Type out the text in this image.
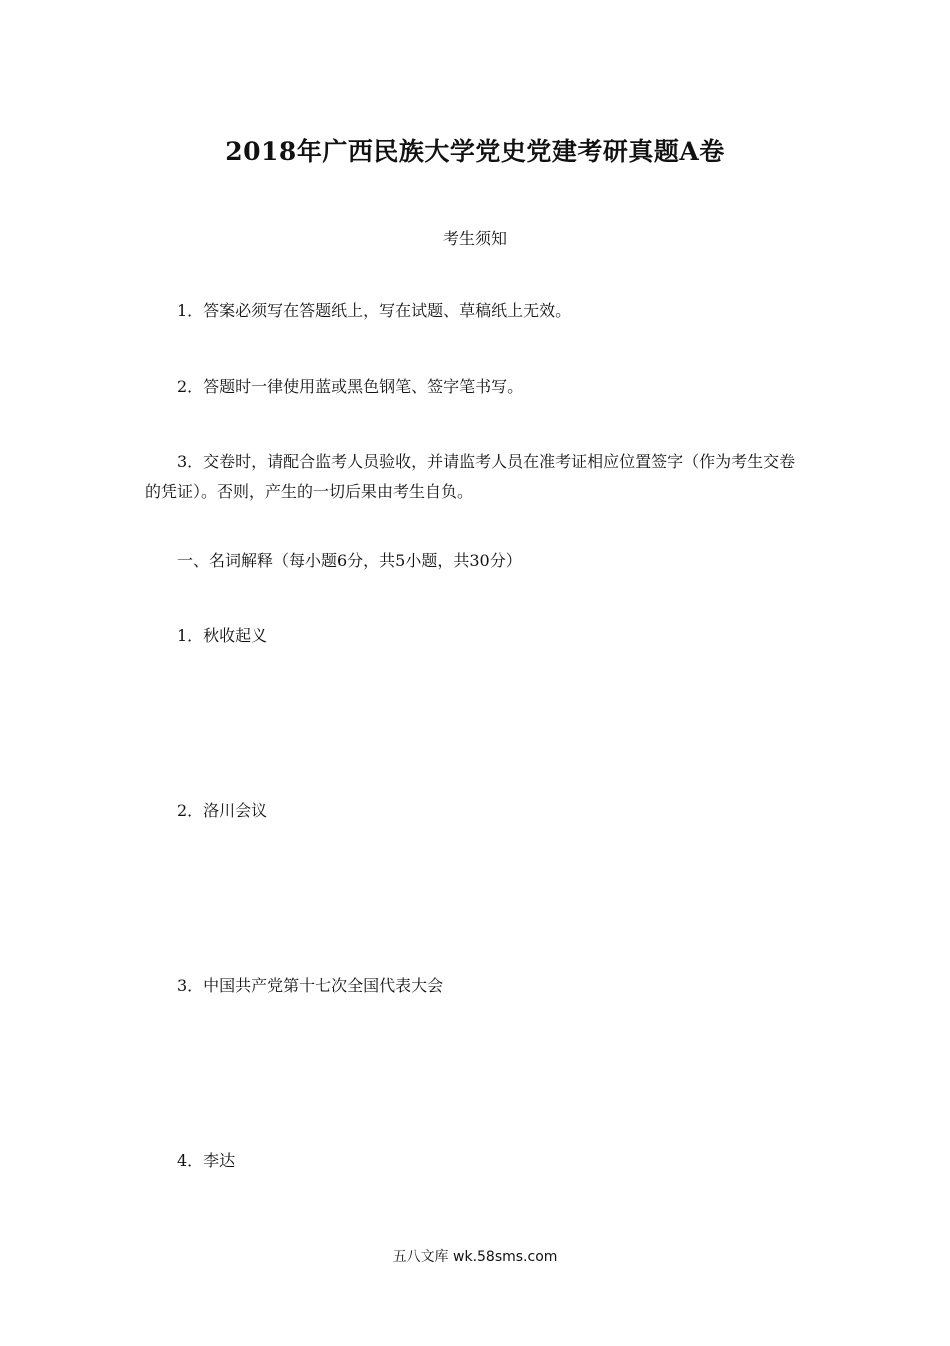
2018年广西民族大学党史党建考研真题A卷
考生须知
1．答案必须写在答题纸上，写在试题、草稿纸上无效。
2．答题时一律使用蓝或黑色钢笔、签字笔书写。
3．交卷时，请配合监考人员验收，并请监考人员在准考证相应位置签字（作为考生交卷的凭证）。否则，产生的一切后果由考生自负。
一、名词解释（每小题6分，共5小题，共30分）
1．秋收起义
2．洛川会议
3．中国共产党第十七次全国代表大会
4．李达
五八文库 wk.58sms.com
